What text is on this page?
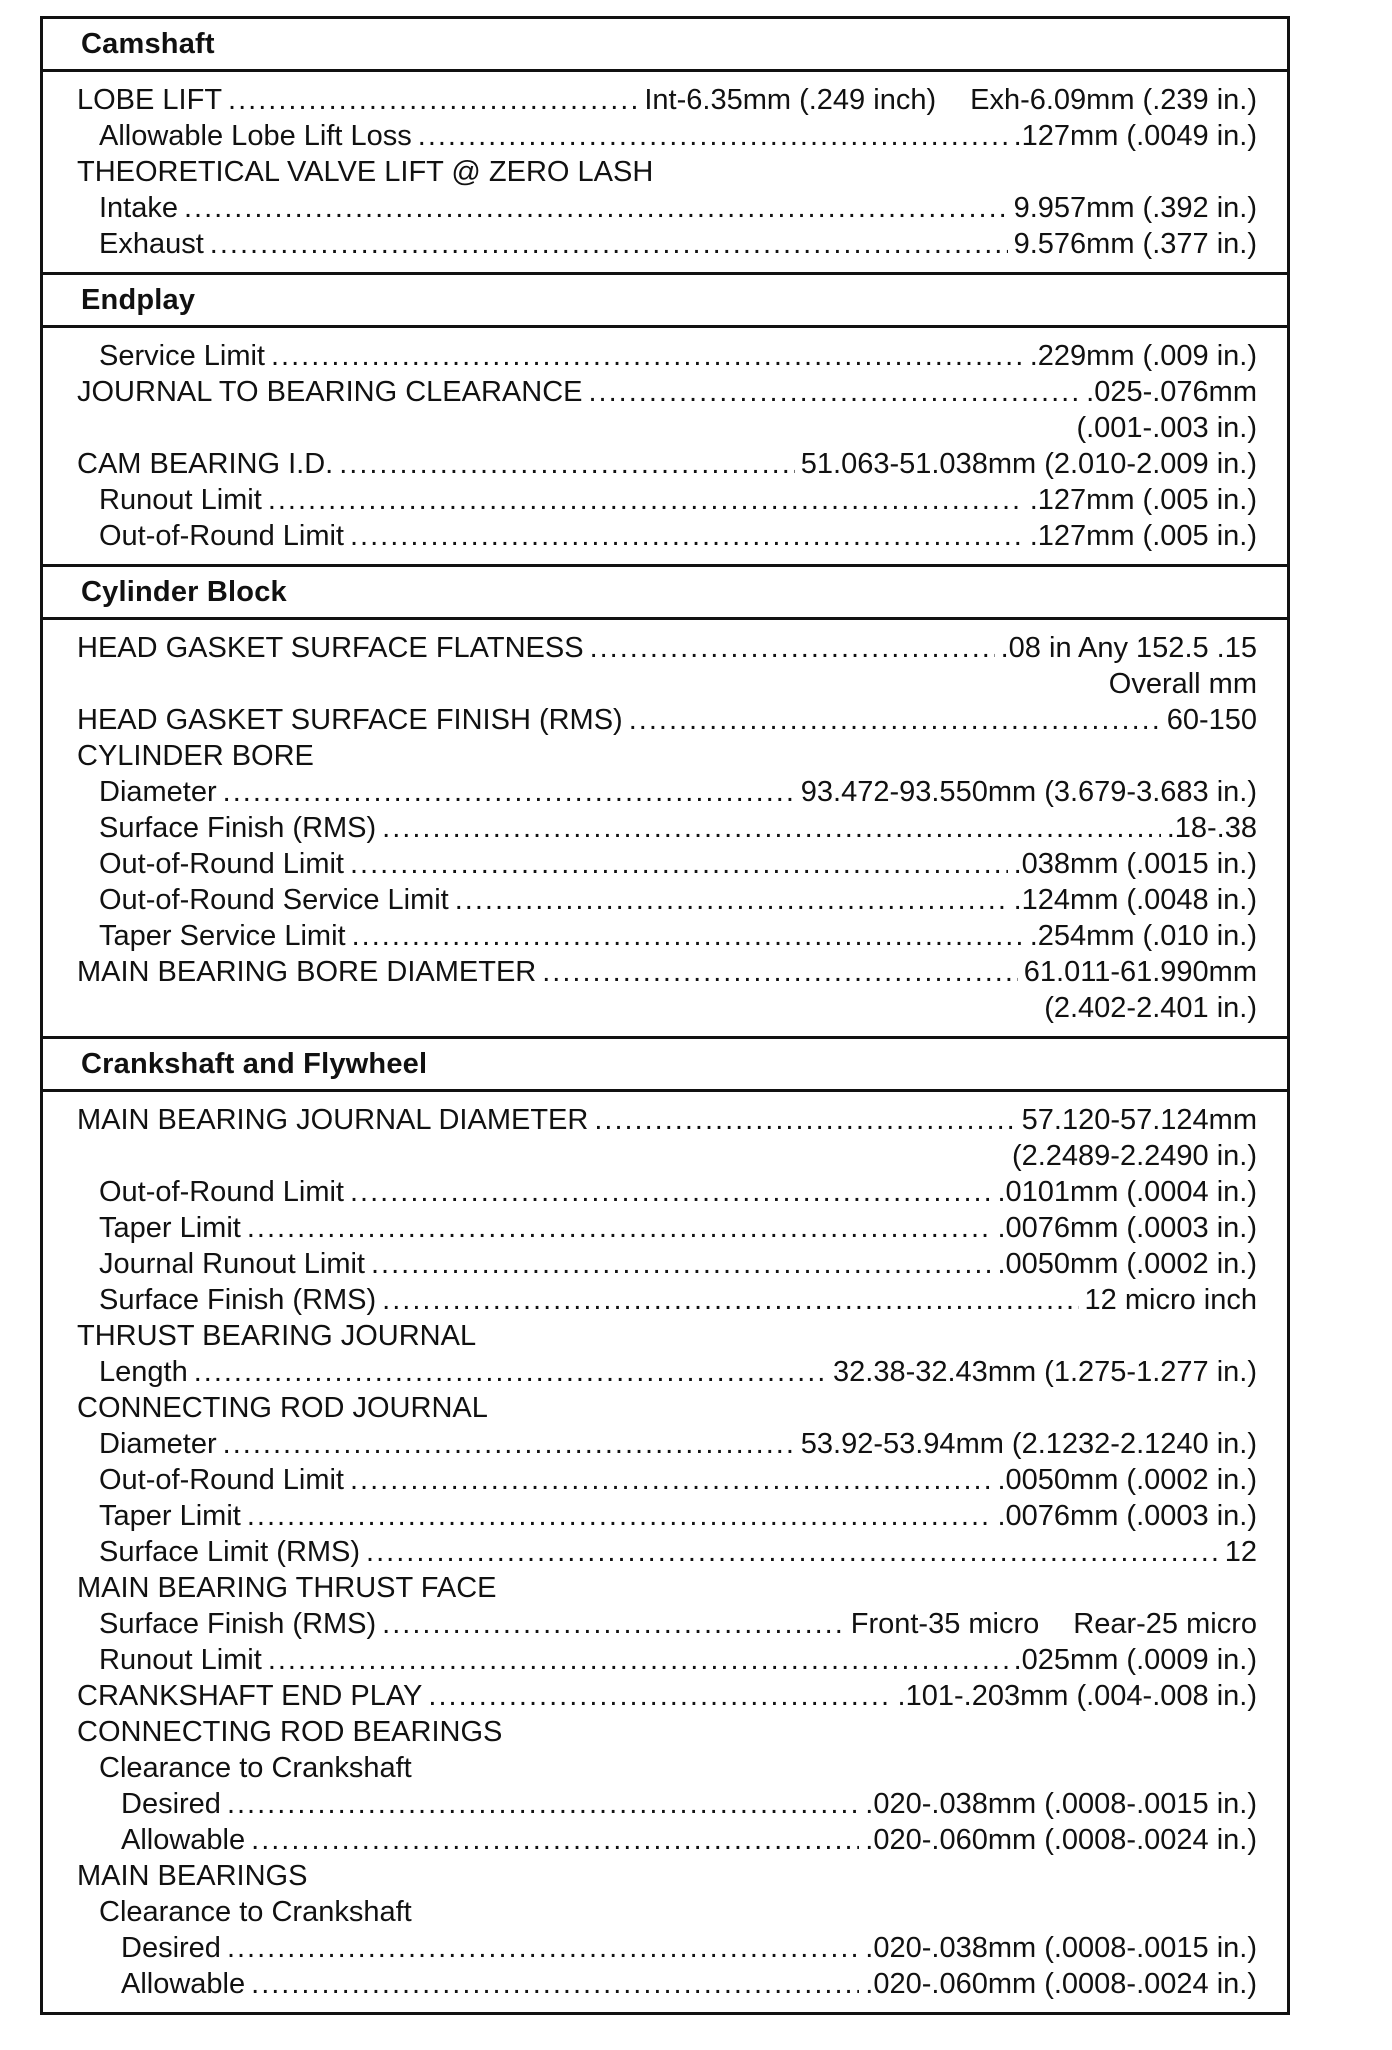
Camshaft
LOBE LIFT .....	Int-6.35mm (.249 inch) Exh-6.09mm (.239 in.)
Allowable Lobe Lift Loss .....	.127mm (.0049 in.)
THEORETICAL VALVE LIFT @ ZERO LASH
Intake .....	9.957mm (.392 in.)
Exhaust .....	9.576mm (.377 in.)
Endplay
Service Limit .....	.229mm (.009 in.)
JOURNAL TO BEARING CLEARANCE .....	.025-.076mm
(.001-.003 in.)
CAM BEARING I.D. .....	51.063-51.038mm (2.010-2.009 in.)
Runout Limit .....	.127mm (.005 in.)
Out-of-Round Limit .....	.127mm (.005 in.)
Cylinder Block
HEAD GASKET SURFACE FLATNESS .....	.08 in Any 152.5 .15
Overall mm
HEAD GASKET SURFACE FINISH (RMS) .....	60-150
CYLINDER BORE
Diameter .....	93.472-93.550mm (3.679-3.683 in.)
Surface Finish (RMS) .....	.18-.38
Out-of-Round Limit .....	.038mm (.0015 in.)
Out-of-Round Service Limit .....	.124mm (.0048 in.)
Taper Service Limit .....	.254mm (.010 in.)
MAIN BEARING BORE DIAMETER .....	61.011-61.990mm
(2.402-2.401 in.)
Crankshaft and Flywheel
MAIN BEARING JOURNAL DIAMETER .....	57.120-57.124mm
(2.2489-2.2490 in.)
Out-of-Round Limit .....	.0101mm (.0004 in.)
Taper Limit .....	.0076mm (.0003 in.)
Journal Runout Limit .....	.0050mm (.0002 in.)
Surface Finish (RMS) .....	12 micro inch
THRUST BEARING JOURNAL
Length .....	32.38-32.43mm (1.275-1.277 in.)
CONNECTING ROD JOURNAL
Diameter .....	53.92-53.94mm (2.1232-2.1240 in.)
Out-of-Round Limit .....	.0050mm (.0002 in.)
Taper Limit .....	.0076mm (.0003 in.)
Surface Limit (RMS) .....	12
MAIN BEARING THRUST FACE
Surface Finish (RMS) .....	Front-35 micro Rear-25 micro
Runout Limit .....	.025mm (.0009 in.)
CRANKSHAFT END PLAY .....	.101-.203mm (.004-.008 in.)
CONNECTING ROD BEARINGS
Clearance to Crankshaft
Desired .....	.020-.038mm (.0008-.0015 in.)
Allowable .....	.020-.060mm (.0008-.0024 in.)
MAIN BEARINGS
Clearance to Crankshaft
Desired .....	.020-.038mm (.0008-.0015 in.)
Allowable .....	.020-.060mm (.0008-.0024 in.)
